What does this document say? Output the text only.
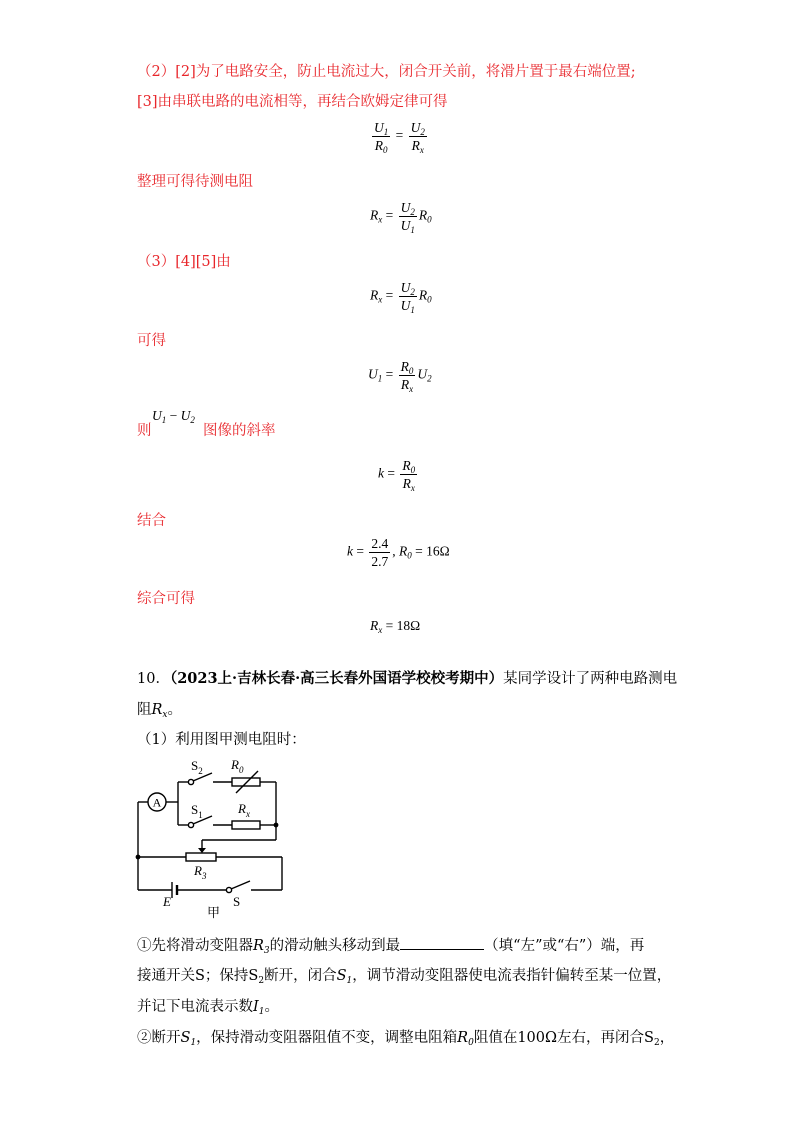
（2）[2]为了电路安全，防止电流过大，闭合开关前，将滑片置于最右端位置;
[3]由串联电路的电流相等，再结合欧姆定律可得
$\frac{U_1}{R_0} = \frac{U_2}{R_x}$
整理可得待测电阻
$R_x = \frac{U_2}{U_1} R_0$
（3）[4][5]由
$R_x = \frac{U_2}{U_1} R_0$
可得
$U_1 = \frac{R_0}{R_x} U_2$
$U_1 - U_2$
则	图像的斜率
$k = \frac{R_0}{R_x}$
结合
$k = \frac{2.4}{2.7}$ , $R_0 = 16\Omega$
综合可得
$R_x = 18\Omega$
10．（2023上·吉林长春·高三长春外国语学校校考期中）某同学设计了两种电路测电
阻$R_x$。
（1）利用图甲测电阻时：
A
$S_2$ $R_0$
$S_1$	$R_x$
$R_3$
E	S
甲
①先将滑动变阻器$R_3$的滑动触头移动到最	（填“左”或“右”）端，再
接通开关S；保持$S_2$断开，闭合$S_1$，调节滑动变阻器使电流表指针偏转至某一位置，
并记下电流表示数$I_1$。
②断开$S_1$，保持滑动变阻器阻值不变，调整电阻箱$R_0$阻值在100Ω左右，再闭合$S_2$，
